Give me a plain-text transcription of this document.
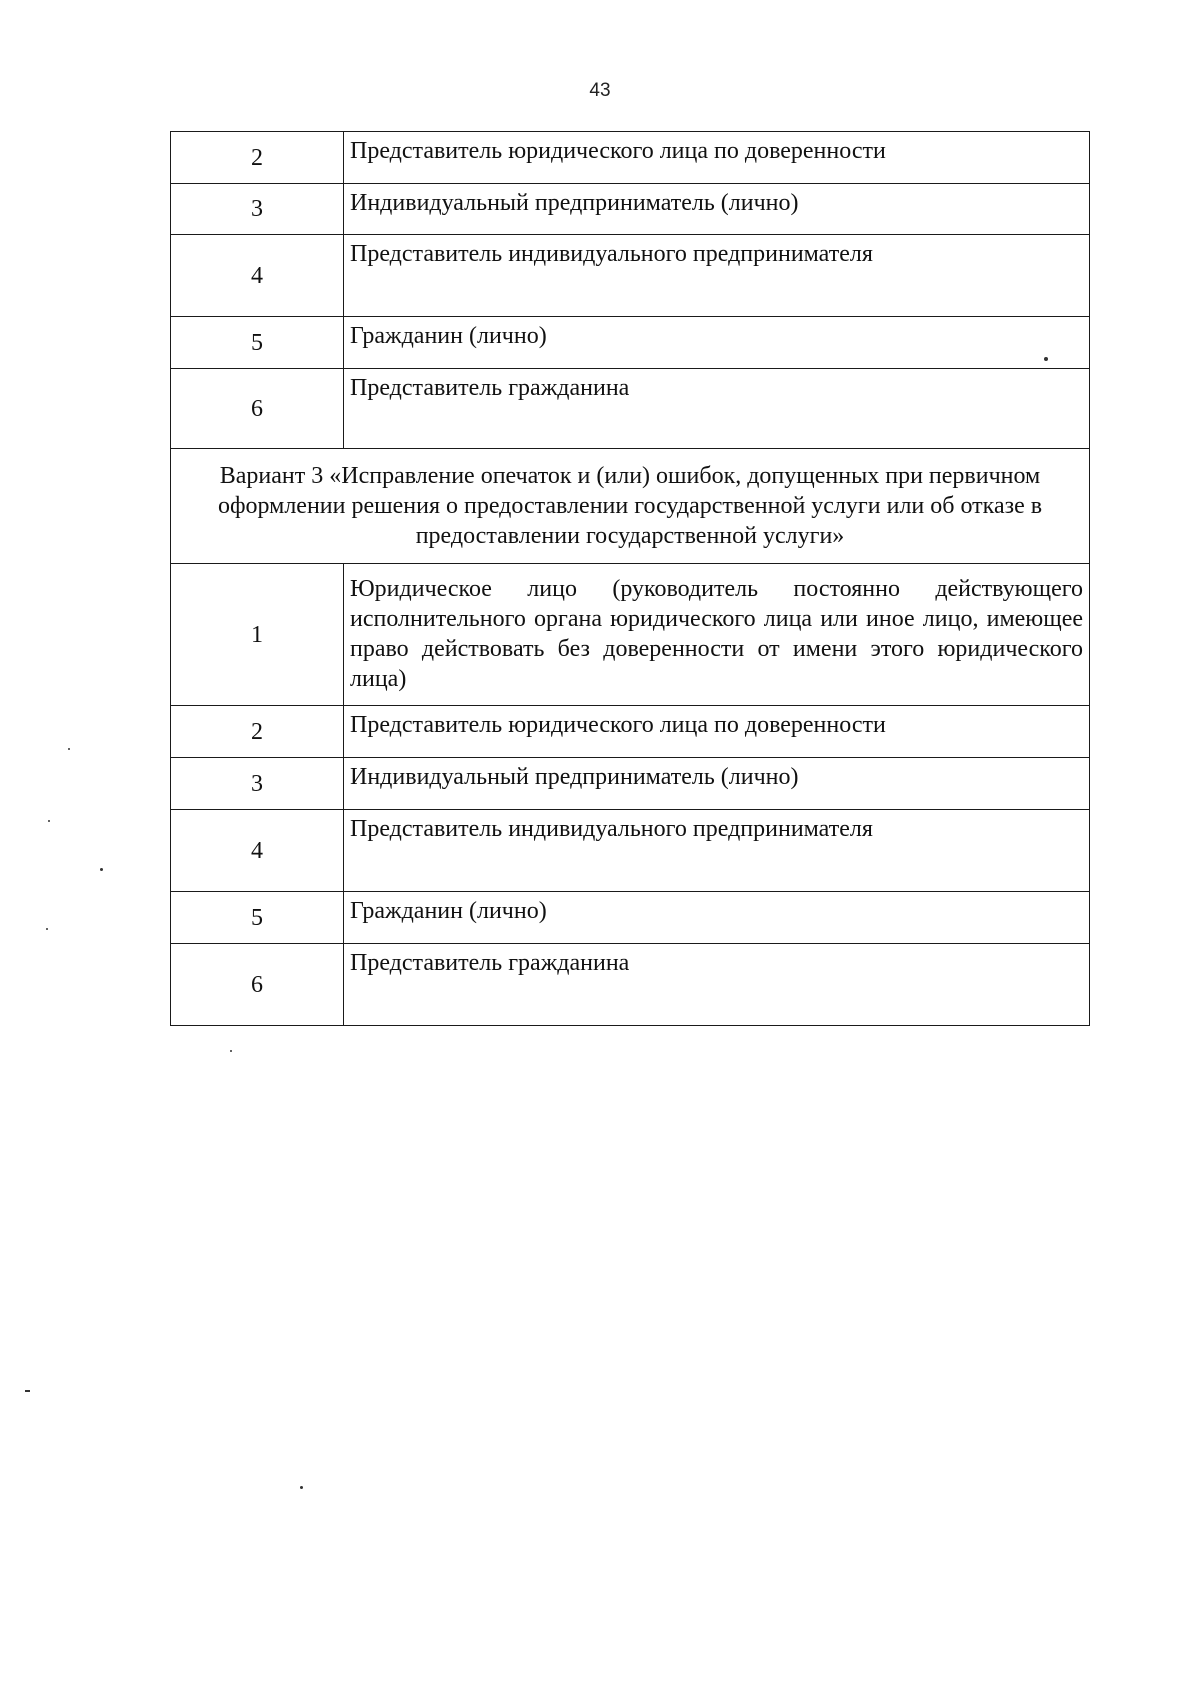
43
2	Представитель юридического лица по доверенности
3	Индивидуальный предприниматель (лично)
4	Представитель индивидуального предпринимателя
5	Гражданин (лично)
6	Представитель гражданина
Вариант 3 «Исправление опечаток и (или) ошибок, допущенных при первичном оформлении решения о предоставлении государственной услуги или об отказе в предоставлении государственной услуги»	
1	Юридическое лицо (руководитель постоянно действующего исполнительного органа юридического лица или иное лицо, имеющее право действовать без доверенности от имени этого юридического лица)
2	Представитель юридического лица по доверенности
3	Индивидуальный предприниматель (лично)
4	Представитель индивидуального предпринимателя
5	Гражданин (лично)
6	Представитель гражданина
